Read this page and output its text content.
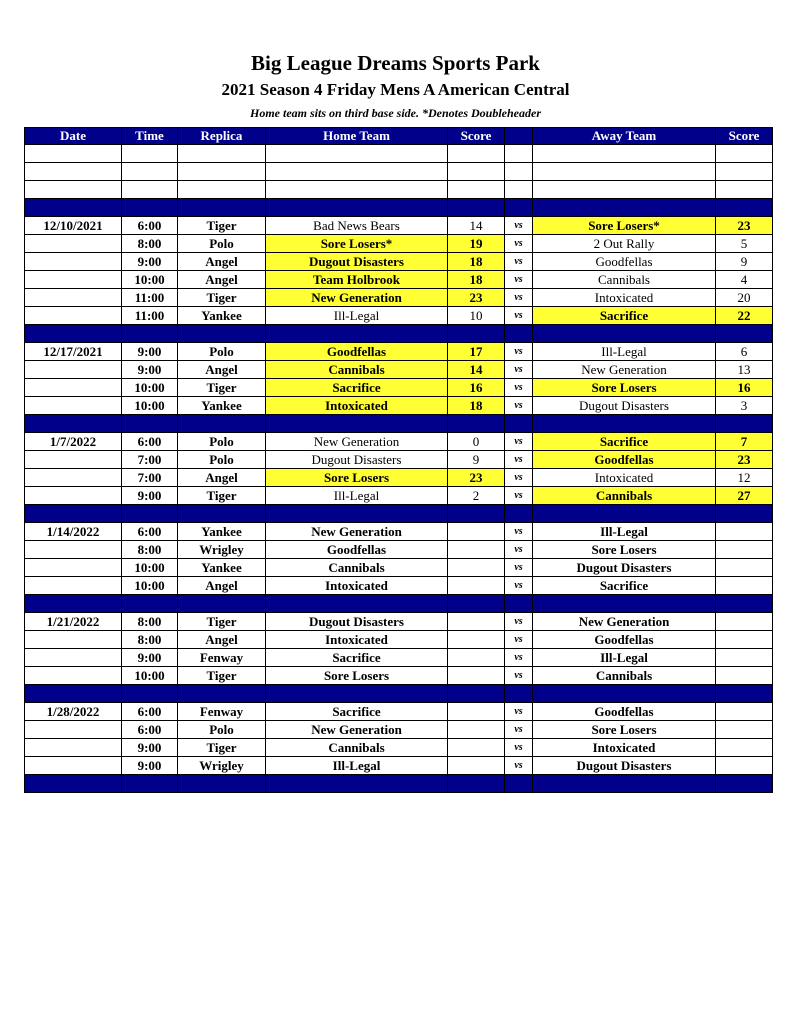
Big League Dreams Sports Park
2021 Season 4 Friday Mens A American Central
Home team sits on third base side. *Denotes Doubleheader
Date	Time	Replica	Home Team	Score		Away Team	Score

12/10/2021	6:00	Tiger	Bad News Bears	14	vs	Sore Losers*	23
	8:00	Polo	Sore Losers*	19	vs	2 Out Rally	5
	9:00	Angel	Dugout Disasters	18	vs	Goodfellas	9
	10:00	Angel	Team Holbrook	18	vs	Cannibals	4
	11:00	Tiger	New Generation	23	vs	Intoxicated	20
	11:00	Yankee	Ill-Legal	10	vs	Sacrifice	22

12/17/2021	9:00	Polo	Goodfellas	17	vs	Ill-Legal	6
	9:00	Angel	Cannibals	14	vs	New Generation	13
	10:00	Tiger	Sacrifice	16	vs	Sore Losers	16
	10:00	Yankee	Intoxicated	18	vs	Dugout Disasters	3

1/7/2022	6:00	Polo	New Generation	0	vs	Sacrifice	7
	7:00	Polo	Dugout Disasters	9	vs	Goodfellas	23
	7:00	Angel	Sore Losers	23	vs	Intoxicated	12
	9:00	Tiger	Ill-Legal	2	vs	Cannibals	27

1/14/2022	6:00	Yankee	New Generation		vs	Ill-Legal	
	8:00	Wrigley	Goodfellas		vs	Sore Losers	
	10:00	Yankee	Cannibals		vs	Dugout Disasters	
	10:00	Angel	Intoxicated		vs	Sacrifice	

1/21/2022	8:00	Tiger	Dugout Disasters		vs	New Generation	
	8:00	Angel	Intoxicated		vs	Goodfellas	
	9:00	Fenway	Sacrifice		vs	Ill-Legal	
	10:00	Tiger	Sore Losers		vs	Cannibals	

1/28/2022	6:00	Fenway	Sacrifice		vs	Goodfellas	
	6:00	Polo	New Generation		vs	Sore Losers	
	9:00	Tiger	Cannibals		vs	Intoxicated	
	9:00	Wrigley	Ill-Legal		vs	Dugout Disasters	
